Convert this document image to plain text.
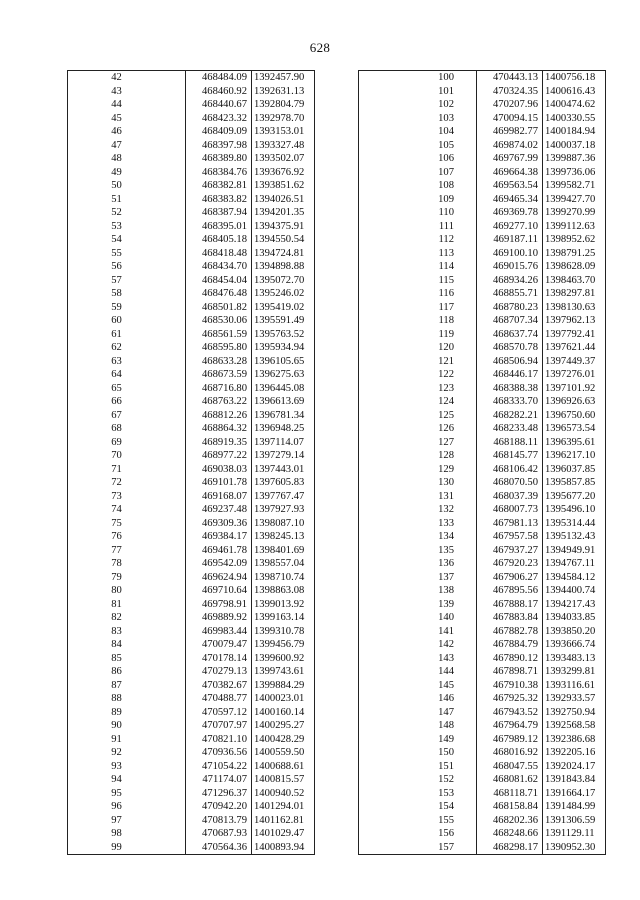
628
42	468484.09	1392457.90
43	468460.92	1392631.13
44	468440.67	1392804.79
45	468423.32	1392978.70
46	468409.09	1393153.01
47	468397.98	1393327.48
48	468389.80	1393502.07
49	468384.76	1393676.92
50	468382.81	1393851.62
51	468383.82	1394026.51
52	468387.94	1394201.35
53	468395.01	1394375.91
54	468405.18	1394550.54
55	468418.48	1394724.81
56	468434.70	1394898.88
57	468454.04	1395072.70
58	468476.48	1395246.02
59	468501.82	1395419.02
60	468530.06	1395591.49
61	468561.59	1395763.52
62	468595.80	1395934.94
63	468633.28	1396105.65
64	468673.59	1396275.63
65	468716.80	1396445.08
66	468763.22	1396613.69
67	468812.26	1396781.34
68	468864.32	1396948.25
69	468919.35	1397114.07
70	468977.22	1397279.14
71	469038.03	1397443.01
72	469101.78	1397605.83
73	469168.07	1397767.47
74	469237.48	1397927.93
75	469309.36	1398087.10
76	469384.17	1398245.13
77	469461.78	1398401.69
78	469542.09	1398557.04
79	469624.94	1398710.74
80	469710.64	1398863.08
81	469798.91	1399013.92
82	469889.92	1399163.14
83	469983.44	1399310.78
84	470079.47	1399456.79
85	470178.14	1399600.92
86	470279.13	1399743.61
87	470382.67	1399884.29
88	470488.77	1400023.01
89	470597.12	1400160.14
90	470707.97	1400295.27
91	470821.10	1400428.29
92	470936.56	1400559.50
93	471054.22	1400688.61
94	471174.07	1400815.57
95	471296.37	1400940.52
96	470942.20	1401294.01
97	470813.79	1401162.81
98	470687.93	1401029.47
99	470564.36	1400893.94
100	470443.13	1400756.18
101	470324.35	1400616.43
102	470207.96	1400474.62
103	470094.15	1400330.55
104	469982.77	1400184.94
105	469874.02	1400037.18
106	469767.99	1399887.36
107	469664.38	1399736.06
108	469563.54	1399582.71
109	469465.34	1399427.70
110	469369.78	1399270.99
111	469277.10	1399112.63
112	469187.11	1398952.62
113	469100.10	1398791.25
114	469015.76	1398628.09
115	468934.26	1398463.70
116	468855.71	1398297.81
117	468780.23	1398130.63
118	468707.34	1397962.13
119	468637.74	1397792.41
120	468570.78	1397621.44
121	468506.94	1397449.37
122	468446.17	1397276.01
123	468388.38	1397101.92
124	468333.70	1396926.63
125	468282.21	1396750.60
126	468233.48	1396573.54
127	468188.11	1396395.61
128	468145.77	1396217.10
129	468106.42	1396037.85
130	468070.50	1395857.85
131	468037.39	1395677.20
132	468007.73	1395496.10
133	467981.13	1395314.44
134	467957.58	1395132.43
135	467937.27	1394949.91
136	467920.23	1394767.11
137	467906.27	1394584.12
138	467895.56	1394400.74
139	467888.17	1394217.43
140	467883.84	1394033.85
141	467882.78	1393850.20
142	467884.79	1393666.74
143	467890.12	1393483.13
144	467898.71	1393299.81
145	467910.38	1393116.61
146	467925.32	1392933.57
147	467943.52	1392750.94
148	467964.79	1392568.58
149	467989.12	1392386.68
150	468016.92	1392205.16
151	468047.55	1392024.17
152	468081.62	1391843.84
153	468118.71	1391664.17
154	468158.84	1391484.99
155	468202.36	1391306.59
156	468248.66	1391129.11
157	468298.17	1390952.30
